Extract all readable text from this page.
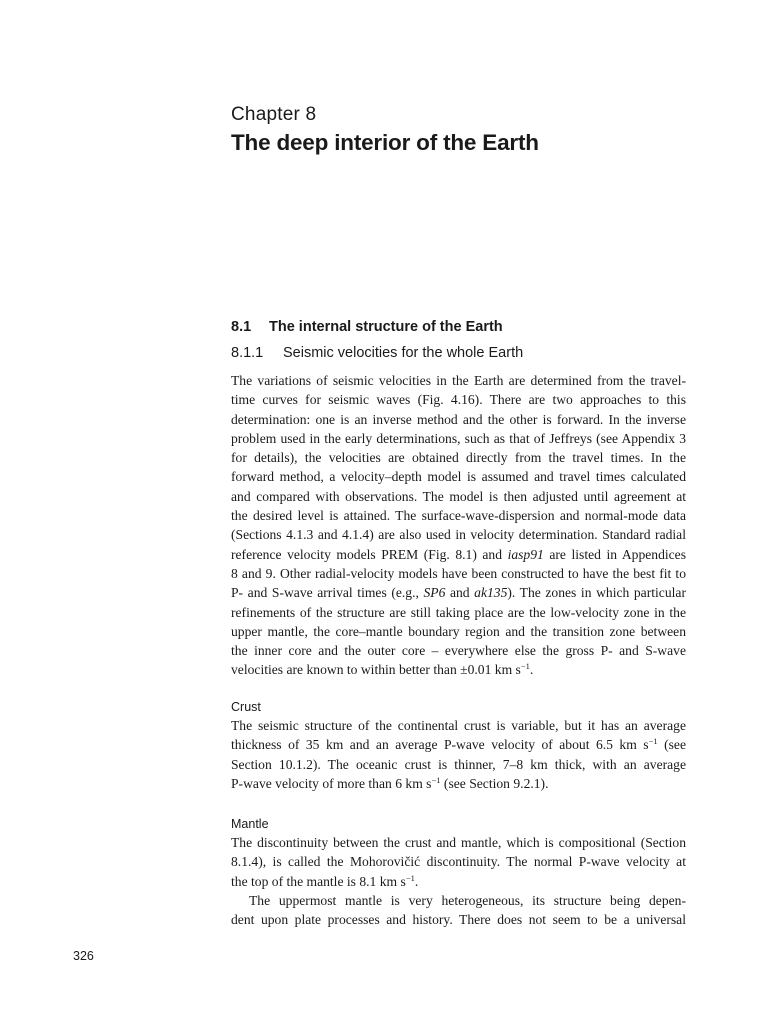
Chapter 8
The deep interior of the Earth
8.1 The internal structure of the Earth
8.1.1 Seismic velocities for the whole Earth
The variations of seismic velocities in the Earth are determined from the travel-
time curves for seismic waves (Fig. 4.16). There are two approaches to this
determination: one is an inverse method and the other is forward. In the inverse
problem used in the early determinations, such as that of Jeffreys (see Appendix 3
for details), the velocities are obtained directly from the travel times. In the
forward method, a velocity–depth model is assumed and travel times calculated
and compared with observations. The model is then adjusted until agreement at
the desired level is attained. The surface-wave-dispersion and normal-mode data
(Sections 4.1.3 and 4.1.4) are also used in velocity determination. Standard radial
reference velocity models PREM (Fig. 8.1) and iasp91 are listed in Appendices
8 and 9. Other radial-velocity models have been constructed to have the best fit to
P- and S-wave arrival times (e.g., SP6 and ak135). The zones in which particular
refinements of the structure are still taking place are the low-velocity zone in the
upper mantle, the core–mantle boundary region and the transition zone between
the inner core and the outer core – everywhere else the gross P- and S-wave
velocities are known to within better than ±0.01 km $s^{-1}$.
Crust
The seismic structure of the continental crust is variable, but it has an average
thickness of 35 km and an average P-wave velocity of about 6.5 km $s^{-1}$ (see
Section 10.1.2). The oceanic crust is thinner, 7–8 km thick, with an average
P-wave velocity of more than 6 km $s^{-1}$ (see Section 9.2.1).
Mantle
The discontinuity between the crust and mantle, which is compositional (Section
8.1.4), is called the Mohorovičić discontinuity. The normal P-wave velocity at
the top of the mantle is 8.1 km $s^{-1}$.
The uppermost mantle is very heterogeneous, its structure being depen-
dent upon plate processes and history. There does not seem to be a universal
326
